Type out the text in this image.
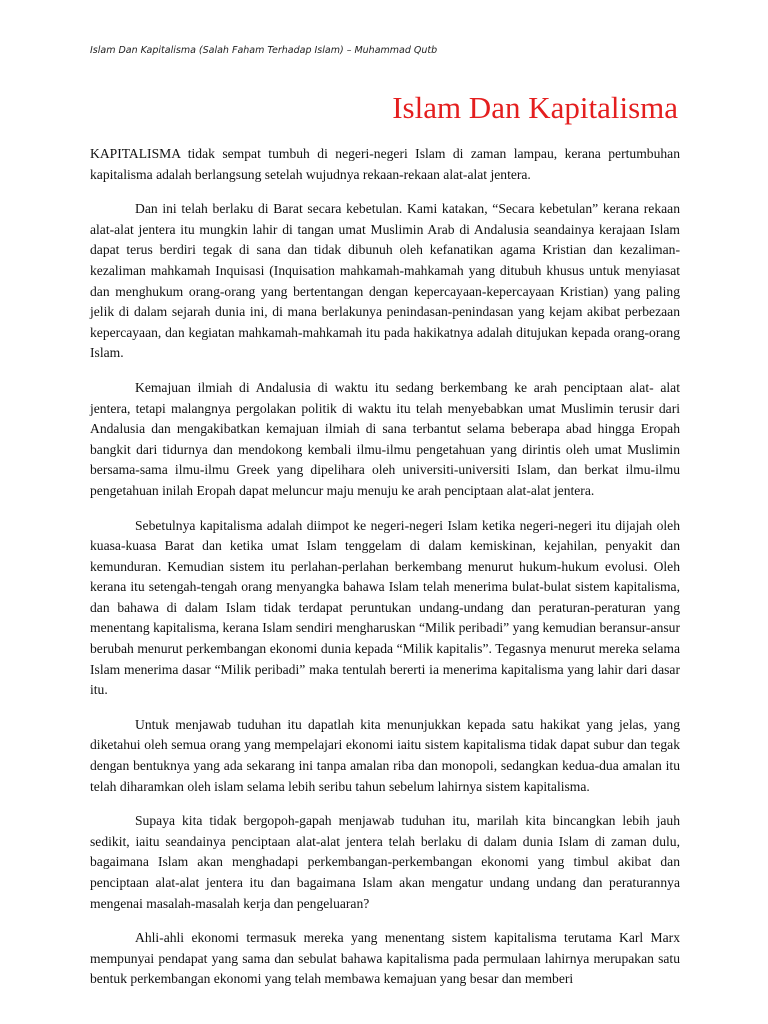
Islam Dan Kapitalisma (Salah Faham Terhadap Islam) – Muhammad Qutb
Islam Dan Kapitalisma

KAPITALISMA tidak sempat tumbuh di negeri-negeri Islam di zaman lampau, kerana pertumbuhan kapitalisma adalah berlangsung setelah wujudnya rekaan-rekaan alat-alat jentera.

Dan ini telah berlaku di Barat secara kebetulan. Kami katakan, “Secara kebetulan” kerana rekaan alat-alat jentera itu mungkin lahir di tangan umat Muslimin Arab di Andalusia seandainya kerajaan Islam dapat terus berdiri tegak di sana dan tidak dibunuh oleh kefanatikan agama Kristian dan kezaliman-kezaliman mahkamah Inquisasi (Inquisation mahkamah-mahkamah yang ditubuh khusus untuk menyiasat dan menghukum orang-orang yang bertentangan dengan kepercayaan-kepercayaan Kristian) yang paling jelik di dalam sejarah dunia ini, di mana berlakunya penindasan-penindasan yang kejam akibat perbezaan kepercayaan, dan kegiatan mahkamah-mahkamah itu pada hakikatnya adalah ditujukan kepada orang-orang Islam.

Kemajuan ilmiah di Andalusia di waktu itu sedang berkembang ke arah penciptaan alat- alat jentera, tetapi malangnya pergolakan politik di waktu itu telah menyebabkan umat Muslimin terusir dari Andalusia dan mengakibatkan kemajuan ilmiah di sana terbantut selama beberapa abad hingga Eropah bangkit dari tidurnya dan mendokong kembali ilmu-ilmu pengetahuan yang dirintis oleh umat Muslimin bersama-sama ilmu-ilmu Greek yang dipelihara oleh universiti-universiti Islam, dan berkat ilmu-ilmu pengetahuan inilah Eropah dapat meluncur maju menuju ke arah penciptaan alat-alat jentera.

Sebetulnya kapitalisma adalah diimpot ke negeri-negeri Islam ketika negeri-negeri itu dijajah oleh kuasa-kuasa Barat dan ketika umat Islam tenggelam di dalam kemiskinan, kejahilan, penyakit dan kemunduran. Kemudian sistem itu perlahan-perlahan berkembang menurut hukum-hukum evolusi. Oleh kerana itu setengah-tengah orang menyangka bahawa Islam telah menerima bulat-bulat sistem kapitalisma, dan bahawa di dalam Islam tidak terdapat peruntukan undang-undang dan peraturan-peraturan yang menentang kapitalisma, kerana Islam sendiri mengharuskan “Milik peribadi” yang kemudian beransur-ansur berubah menurut perkembangan ekonomi dunia kepada “Milik kapitalis”. Tegasnya menurut mereka selama Islam menerima dasar “Milik peribadi” maka tentulah bererti ia menerima kapitalisma yang lahir dari dasar itu.

Untuk menjawab tuduhan itu dapatlah kita menunjukkan kepada satu hakikat yang jelas, yang diketahui oleh semua orang yang mempelajari ekonomi iaitu sistem kapitalisma tidak dapat subur dan tegak dengan bentuknya yang ada sekarang ini tanpa amalan riba dan monopoli, sedangkan kedua-dua amalan itu telah diharamkan oleh islam selama lebih seribu tahun sebelum lahirnya sistem kapitalisma.

Supaya kita tidak bergopoh-gapah menjawab tuduhan itu, marilah kita bincangkan lebih jauh sedikit, iaitu seandainya penciptaan alat-alat jentera telah berlaku di dalam dunia Islam di zaman dulu, bagaimana Islam akan menghadapi perkembangan-perkembangan ekonomi yang timbul akibat dan penciptaan alat-alat jentera itu dan bagaimana Islam akan mengatur undang undang dan peraturannya mengenai masalah-masalah kerja dan pengeluaran?

Ahli-ahli ekonomi termasuk mereka yang menentang sistem kapitalisma terutama Karl Marx mempunyai pendapat yang sama dan sebulat bahawa kapitalisma pada permulaan lahirnya merupakan satu bentuk perkembangan ekonomi yang telah membawa kemajuan yang besar dan memberi
